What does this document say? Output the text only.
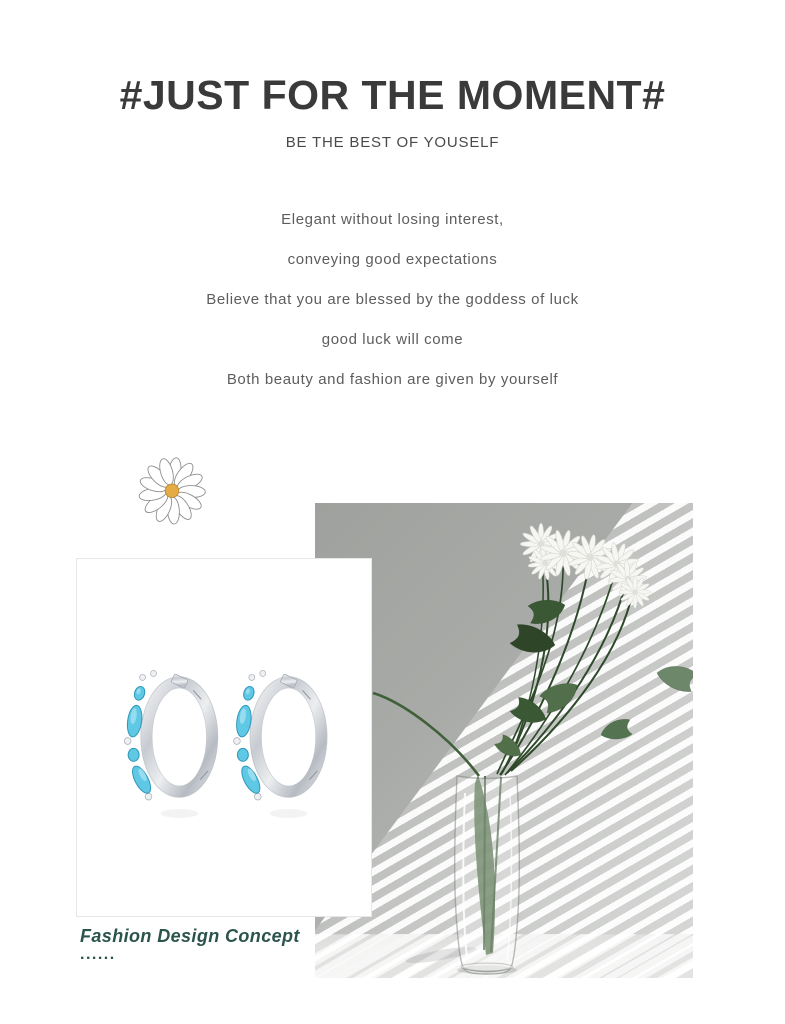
#JUST FOR THE MOMENT#
BE THE BEST OF YOUSELF

Elegant without losing interest,

conveying good expectations

Believe that you are blessed by the goddess of luck

good luck will come

Both beauty and fashion are given by yourself

Fashion Design Concept
......
